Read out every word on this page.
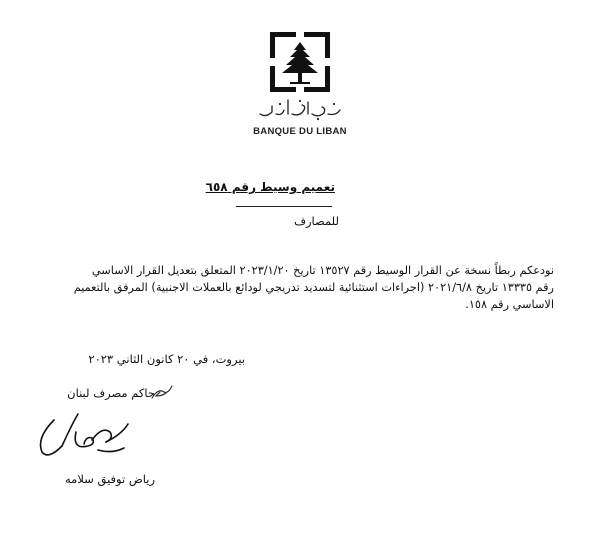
BANQUE DU LIBAN
تعميم وسيط رقم ٦٥٨
للمصارف
نودعكم ربطاً نسخة عن القرار الوسيط رقم ١٣٥٢٧ تاريخ ٢٠٢٣/١/٢٠ المتعلق بتعديل القرار الاساسي
رقم ١٣٣٣٥ تاريخ ٢٠٢١/٦/٨ (اجراءات استثنائية لتسديد تدريجي لودائع بالعملات الاجنبية) المرفق بالتعميم
الاساسي رقم ١٥٨.
بيروت، في ٢٠ كانون الثاني ٢٠٢٣
حاكم مصرف لبنان
رياض توفيق سلامه
